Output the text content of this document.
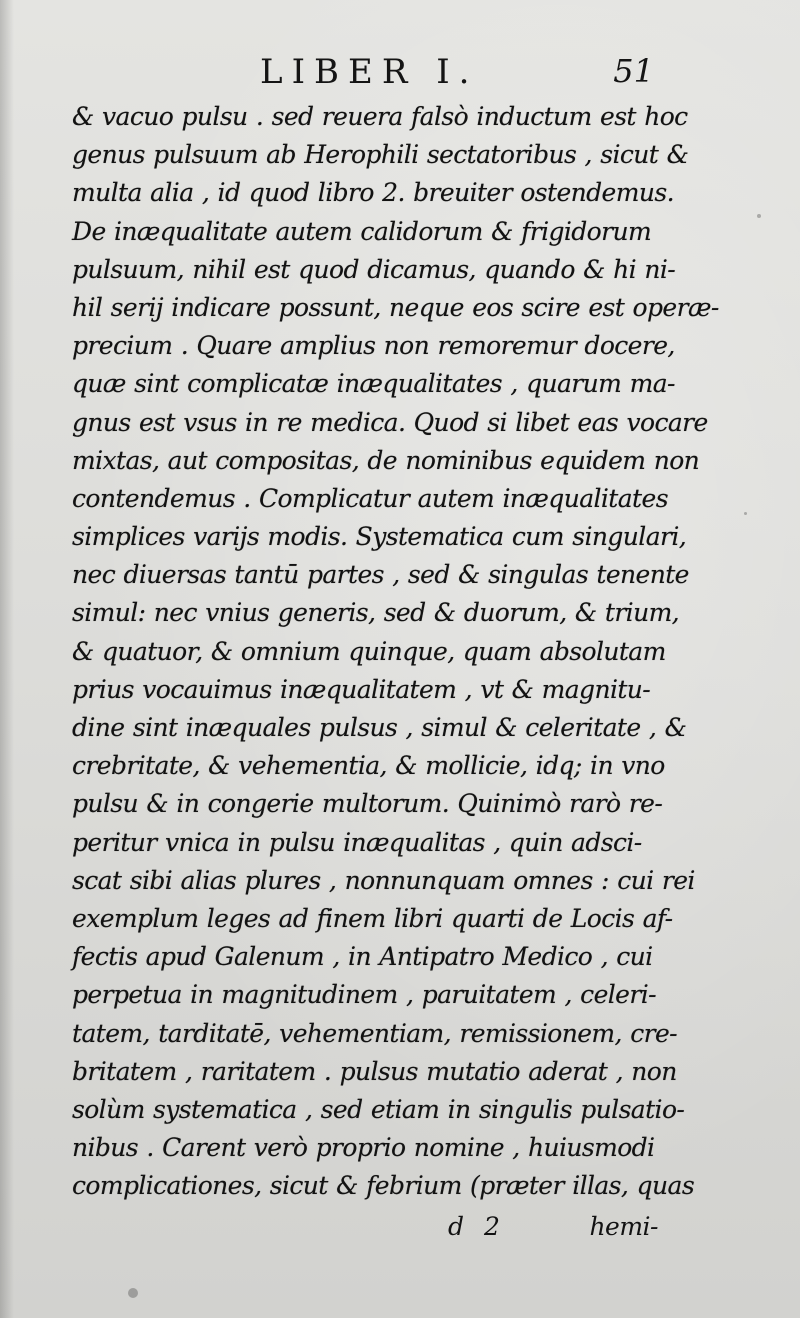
LIBER I.	51
& vacuo pulsu . sed reuera falsò inductum est hoc
genus pulsuum ab Herophili sectatoribus , sicut &
multa alia , id quod libro 2. breuiter ostendemus.
De inæqualitate autem calidorum & frigidorum
pulsuum, nihil est quod dicamus, quando & hi ni-
hil serij indicare possunt, neque eos scire est operæ-
precium . Quare amplius non remoremur docere,
quæ sint complicatæ inæqualitates , quarum ma-
gnus est vsus in re medica. Quod si libet eas vocare
mixtas, aut compositas, de nominibus equidem non
contendemus . Complicatur autem inæqualitates
simplices varijs modis. Systematica cum singulari,
nec diuersas tantū partes , sed & singulas tenente
simul: nec vnius generis, sed & duorum, & trium,
& quatuor, & omnium quinque, quam absolutam
prius vocauimus inæqualitatem , vt & magnitu-
dine sint inæquales pulsus , simul & celeritate , &
crebritate, & vehementia, & mollicie, idq; in vno
pulsu & in congerie multorum. Quinimò rarò re-
peritur vnica in pulsu inæqualitas , quin adsci-
scat sibi alias plures , nonnunquam omnes : cui rei
exemplum leges ad finem libri quarti de Locis af-
fectis apud Galenum , in Antipatro Medico , cui
perpetua in magnitudinem , paruitatem , celeri-
tatem, tarditatē, vehementiam, remissionem, cre-
britatem , raritatem . pulsus mutatio aderat , non
solùm systematica , sed etiam in singulis pulsatio-
nibus . Carent verò proprio nomine , huiusmodi
complicationes, sicut & febrium (præter illas, quas
d 2	hemi-
